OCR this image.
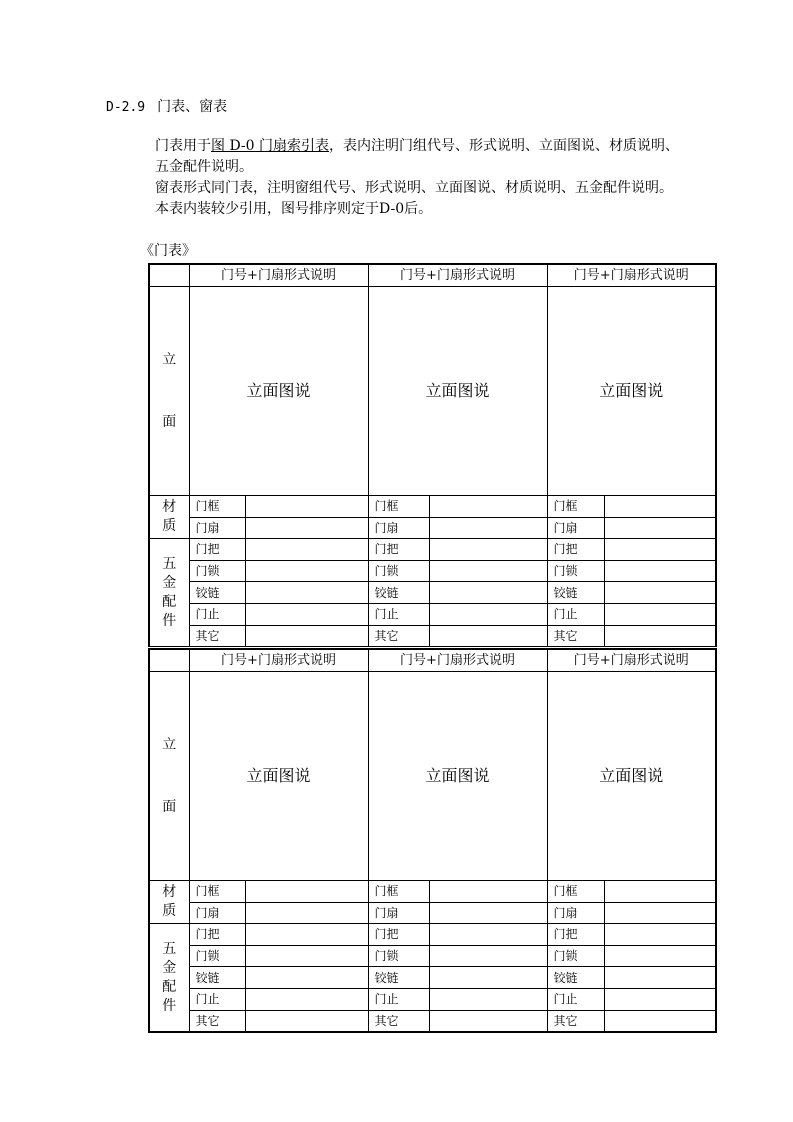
D-2.9 门表、窗表
门表用于图 D-0 门扇索引表，表内注明门组代号、形式说明、立面图说、材质说明、
五金配件说明。
窗表形式同门表，注明窗组代号、形式说明、立面图说、材质说明、五金配件说明。
本表内装较少引用，图号排序则定于D-0后。
《门表》
	门号+门扇形式说明		门号+门扇形式说明		门号+门扇形式说明	
立面	立面图说		立面图说		立面图说	
材质	门框		门框		门框	
	门扇		门扇		门扇	
五金配件	门把		门把		门把	
	门锁		门锁		门锁	
	铰链		铰链		铰链	
	门止		门止		门止	
	其它		其它		其它	
	门号+门扇形式说明		门号+门扇形式说明		门号+门扇形式说明	
立面	立面图说		立面图说		立面图说	
材质	门框		门框		门框	
	门扇		门扇		门扇	
五金配件	门把		门把		门把	
	门锁		门锁		门锁	
	铰链		铰链		铰链	
	门止		门止		门止	
	其它		其它		其它	
